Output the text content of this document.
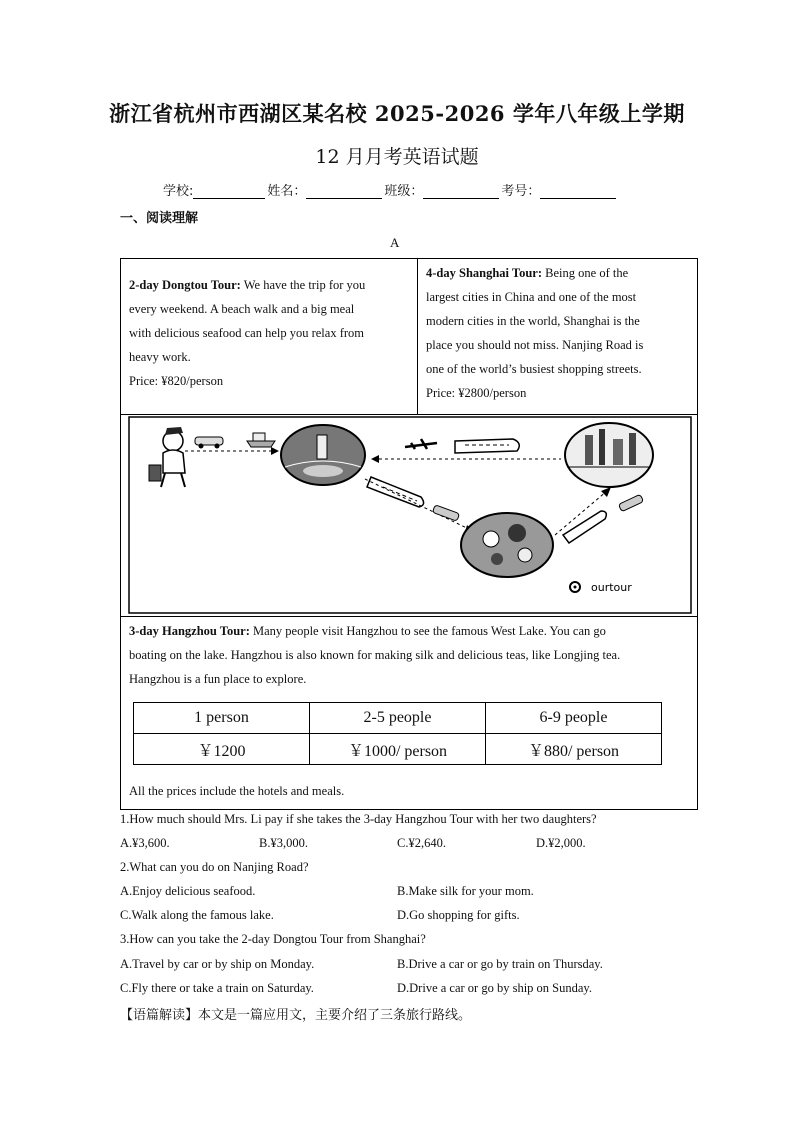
浙江省杭州市西湖区某名校 2025-2026 学年八年级上学期
12 月月考英语试题
学校:	姓名：	班级：	考号：
一、阅读理解
A
2-day Dongtou Tour: We have the trip for you
every weekend. A beach walk and a big meal
with delicious seafood can help you relax from
heavy work.
Price: ¥820/person
4-day Shanghai Tour: Being one of the
largest cities in China and one of the most
modern cities in the world, Shanghai is the
place you should not miss. Nanjing Road is
one of the world’s busiest shopping streets.
Price: ¥2800/person
ourtour
3-day Hangzhou Tour: Many people visit Hangzhou to see the famous West Lake. You can go
boating on the lake. Hangzhou is also known for making silk and delicious teas, like Longjing tea.
Hangzhou is a fun place to explore.
1 person	2-5 people	6-9 people
￥1200	￥1000/ person	￥880/ person
All the prices include the hotels and meals.
1.How much should Mrs. Li pay if she takes the 3-day Hangzhou Tour with her two daughters?
A.¥3,600.	B.¥3,000.	C.¥2,640.	D.¥2,000.
2.What can you do on Nanjing Road?
A.Enjoy delicious seafood.	B.Make silk for your mom.
C.Walk along the famous lake.	D.Go shopping for gifts.
3.How can you take the 2-day Dongtou Tour from Shanghai?
A.Travel by car or by ship on Monday.	B.Drive a car or go by train on Thursday.
C.Fly there or take a train on Saturday.	D.Drive a car or go by ship on Sunday.
【语篇解读】本文是一篇应用文，主要介绍了三条旅行路线。
